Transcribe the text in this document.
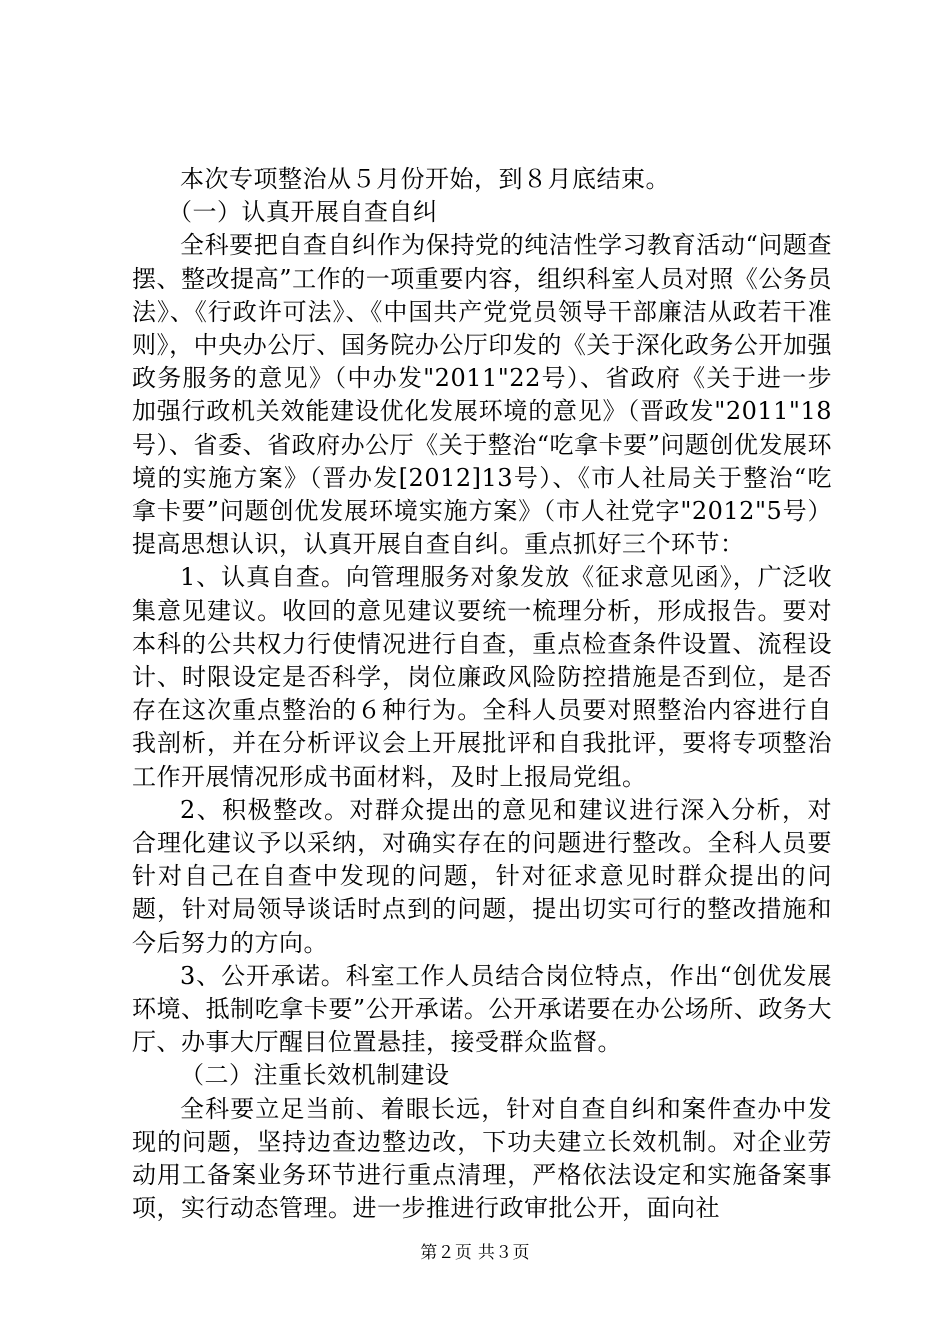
本次专项整治从５月份开始，到８月底结束。

（一）认真开展自查自纠

全科要把自查自纠作为保持党的纯洁性学习教育活动“问题查摆、整改提高”工作的一项重要内容，组织科室人员对照《公务员法》、《行政许可法》、《中国共产党党员领导干部廉洁从政若干准则》，中央办公厅、国务院办公厅印发的《关于深化政务公开加强政务服务的意见》（中办发"2011"22号）、省政府《关于进一步加强行政机关效能建设优化发展环境的意见》（晋政发"2011"18号）、省委、省政府办公厅《关于整治“吃拿卡要”问题创优发展环境的实施方案》（晋办发[2012]13号）、《市人社局关于整治“吃拿卡要”问题创优发展环境实施方案》（市人社党字"2012"5号）提高思想认识，认真开展自查自纠。重点抓好三个环节：

1、认真自查。向管理服务对象发放《征求意见函》，广泛收集意见建议。收回的意见建议要统一梳理分析，形成报告。要对本科的公共权力行使情况进行自查，重点检查条件设置、流程设计、时限设定是否科学，岗位廉政风险防控措施是否到位，是否存在这次重点整治的６种行为。全科人员要对照整治内容进行自我剖析，并在分析评议会上开展批评和自我批评，要将专项整治工作开展情况形成书面材料，及时上报局党组。

2、积极整改。对群众提出的意见和建议进行深入分析，对合理化建议予以采纳，对确实存在的问题进行整改。全科人员要针对自己在自查中发现的问题，针对征求意见时群众提出的问题，针对局领导谈话时点到的问题，提出切实可行的整改措施和今后努力的方向。

3、公开承诺。科室工作人员结合岗位特点，作出“创优发展环境、抵制吃拿卡要”公开承诺。公开承诺要在办公场所、政务大厅、办事大厅醒目位置悬挂，接受群众监督。

（二）注重长效机制建设

全科要立足当前、着眼长远，针对自查自纠和案件查办中发现的问题，坚持边查边整边改，下功夫建立长效机制。对企业劳动用工备案业务环节进行重点清理，严格依法设定和实施备案事项，实行动态管理。进一步推进行政审批公开，面向社

第２页 共３页
